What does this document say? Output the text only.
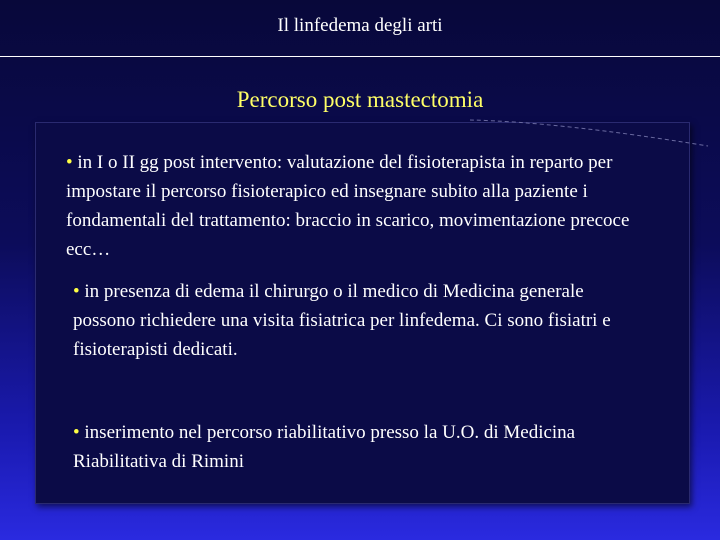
Il linfedema degli arti
Percorso post mastectomia

• in I o II gg post intervento: valutazione del fisioterapista in reparto per impostare il percorso fisioterapico ed insegnare subito alla paziente i fondamentali del trattamento: braccio in scarico, movimentazione precoce ecc…

• in presenza di edema il chirurgo o il medico di Medicina generale possono richiedere una visita fisiatrica per linfedema. Ci sono fisiatri e fisioterapisti dedicati.

• inserimento nel percorso riabilitativo presso la U.O. di Medicina Riabilitativa di Rimini
